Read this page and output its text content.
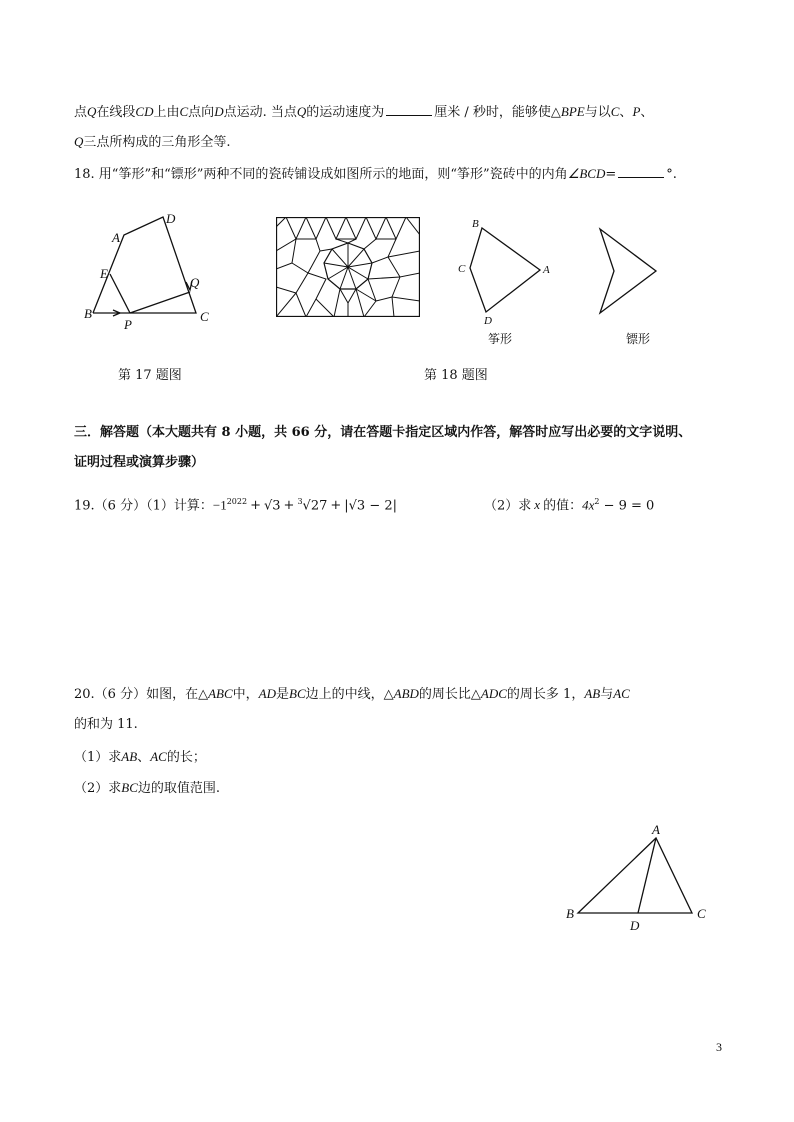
点Q在线段CD上由C点向D点运动. 当点Q的运动速度为	厘米 / 秒时，能够使△BPE与以C、P、
Q三点所构成的三角形全等.
18. 用“筝形”和“镖形”两种不同的瓷砖铺设成如图所示的地面，则“筝形”瓷砖中的内角∠BCD=	°.
A
D
E
Q
B
P
C
第 17 题图
B
C	A
D
筝形	镖形
第 18 题图
三．解答题（本大题共有 8 小题，共 66 分，请在答题卡指定区域内作答，解答时应写出必要的文字说明、
证明过程或演算步骤）
19.（6 分）（1）计算：$-1^{2022} + √3 + ^3√27 + |√3 - 2|$	（2）求 x 的值：$4x^2 - 9 = 0$
20.（6 分）如图，在△ABC中，AD是BC边上的中线，△ABD的周长比△ADC的周长多 1，AB与AC
的和为 11.
（1）求AB、AC的长；
（2）求BC边的取值范围.
A
B	C
D
3
